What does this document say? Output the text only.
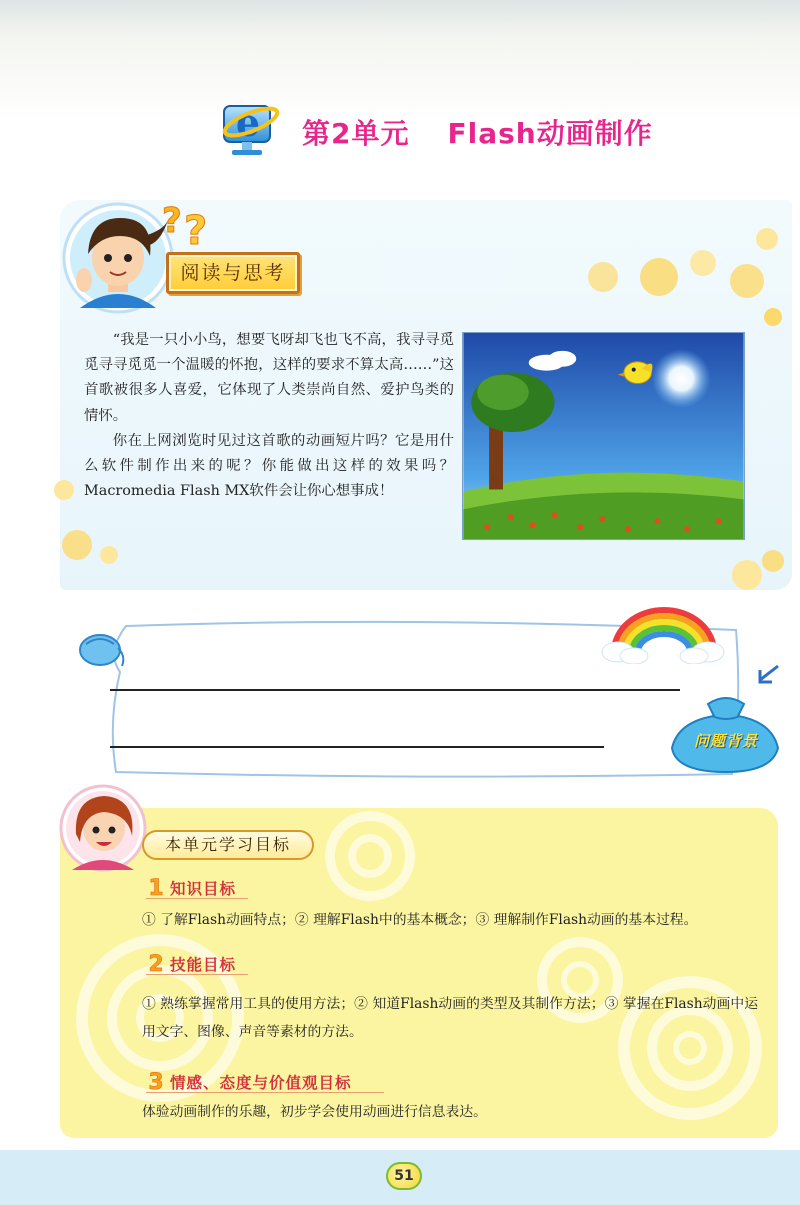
e 第2单元 Flash动画制作
? ?
阅读与思考

“我是一只小小鸟，想要飞呀却飞也飞不高，我寻寻觅觅寻寻觅觅一个温暖的怀抱，这样的要求不算太高……”这首歌被很多人喜爱，它体现了人类崇尚自然、爱护鸟类的情怀。

你在上网浏览时见过这首歌的动画短片吗？它是用什么软件制作出来的呢？你能做出这样的效果吗？Macromedia Flash MX软件会让你心想事成！

问题背景
本单元学习目标
1 知识目标
① 了解Flash动画特点；② 理解Flash中的基本概念；③ 理解制作Flash动画的基本过程。
2 技能目标
① 熟练掌握常用工具的使用方法；② 知道Flash动画的类型及其制作方法；③ 掌握在Flash动画中运用文字、图像、声音等素材的方法。
3 情感、态度与价值观目标
体验动画制作的乐趣，初步学会使用动画进行信息表达。
51
